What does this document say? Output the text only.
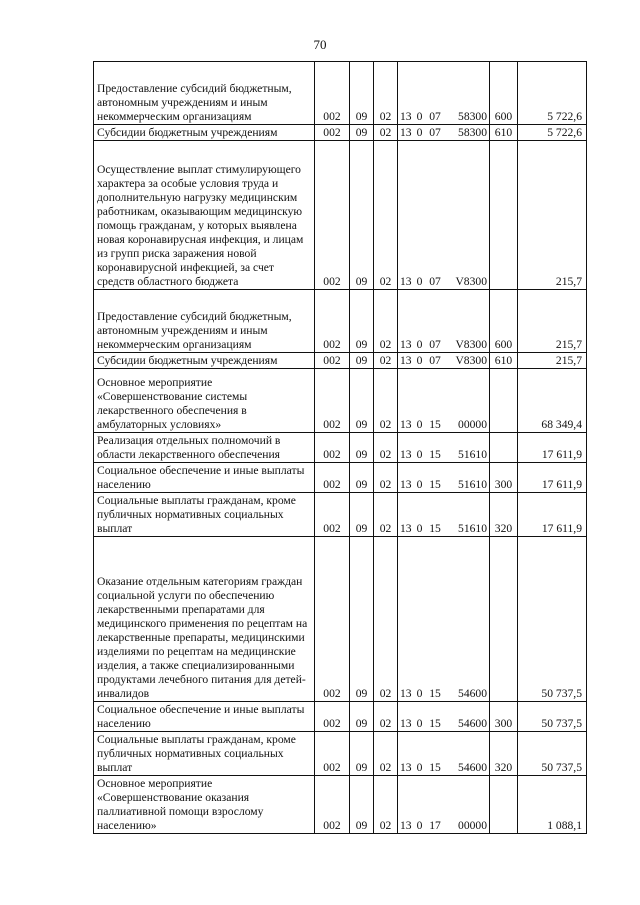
70
Предоставление субсидий бюджетным, автономным учреждениям и иным некоммерческим организациям	002	09	02	13 0 07 58300	600	5 722,6
Субсидии бюджетным учреждениям	002	09	02	13 0 07 58300	610	5 722,6
Осуществление выплат стимулирующего характера за особые условия труда и дополнительную нагрузку медицинским работникам, оказывающим медицинскую помощь гражданам, у которых выявлена новая коронавирусная инфекция, и лицам из групп риска заражения новой коронавирусной инфекцией, за счет средств областного бюджета	002	09	02	13 0 07 V8300		215,7
Предоставление субсидий бюджетным, автономным учреждениям и иным некоммерческим организациям	002	09	02	13 0 07 V8300	600	215,7
Субсидии бюджетным учреждениям	002	09	02	13 0 07 V8300	610	215,7
Основное мероприятие «Совершенствование системы лекарственного обеспечения в амбулаторных условиях»	002	09	02	13 0 15 00000		68 349,4
Реализация отдельных полномочий в области лекарственного обеспечения	002	09	02	13 0 15 51610		17 611,9
Социальное обеспечение и иные выплаты населению	002	09	02	13 0 15 51610	300	17 611,9
Социальные выплаты гражданам, кроме публичных нормативных социальных выплат	002	09	02	13 0 15 51610	320	17 611,9
Оказание отдельным категориям граждан социальной услуги по обеспечению лекарственными препаратами для медицинского применения по рецептам на лекарственные препараты, медицинскими изделиями по рецептам на медицинские изделия, а также специализированными продуктами лечебного питания для детей-инвалидов	002	09	02	13 0 15 54600		50 737,5
Социальное обеспечение и иные выплаты населению	002	09	02	13 0 15 54600	300	50 737,5
Социальные выплаты гражданам, кроме публичных нормативных социальных выплат	002	09	02	13 0 15 54600	320	50 737,5
Основное мероприятие «Совершенствование оказания паллиативной помощи взрослому населению»	002	09	02	13 0 17 00000		1 088,1
